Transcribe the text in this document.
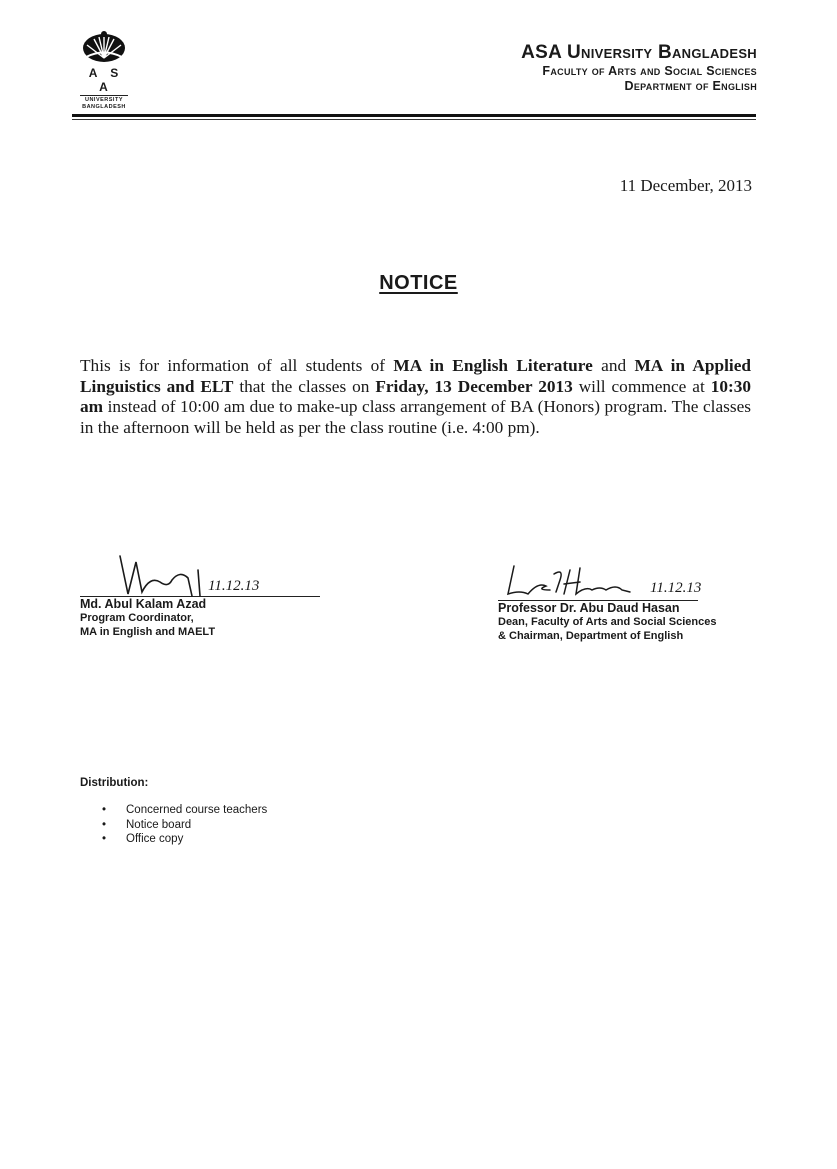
A S A
UNIVERSITY
BANGLADESH
ASA University Bangladesh
Faculty of Arts and Social Sciences
Department of English
11 December, 2013
NOTICE
This is for information of all students of MA in English Literature and MA in Applied Linguistics and ELT that the classes on Friday, 13 December 2013 will commence at 10:30 am instead of 10:00 am due to make-up class arrangement of BA (Honors) program. The classes in the afternoon will be held as per the class routine (i.e. 4:00 pm).
11.12.13
Md. Abul Kalam Azad
Program Coordinator,
MA in English and MAELT
11.12.13
Professor Dr. Abu Daud Hasan
Dean, Faculty of Arts and Social Sciences
& Chairman, Department of English
Distribution:
• Concerned course teachers
• Notice board
• Office copy
